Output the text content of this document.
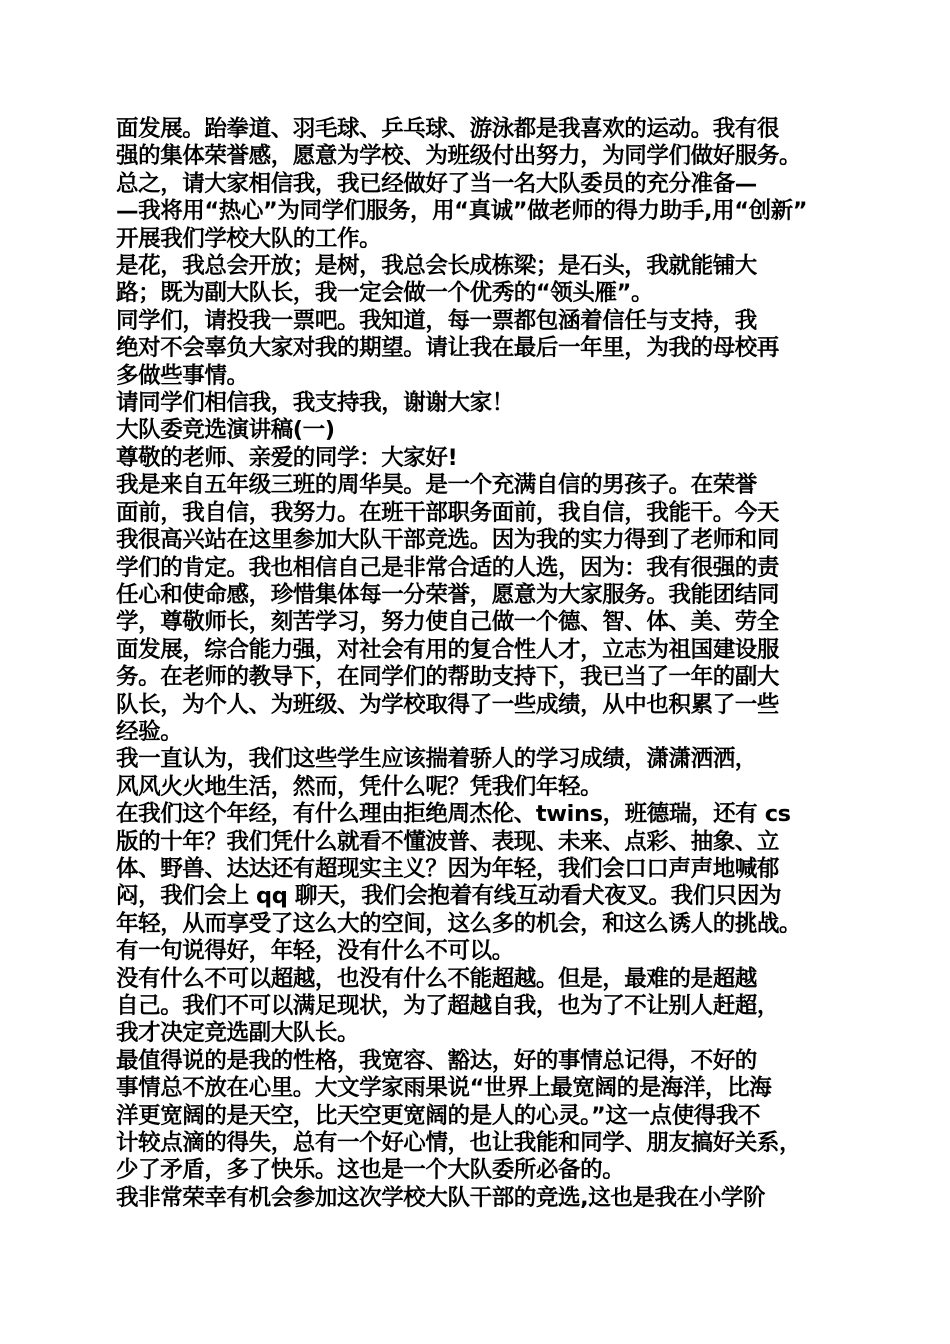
面发展。跆拳道、羽毛球、乒乓球、游泳都是我喜欢的运动。我有很
强的集体荣誉感，愿意为学校、为班级付出努力，为同学们做好服务。
总之，请大家相信我，我已经做好了当一名大队委员的充分准备—
—我将用“热心”为同学们服务，用“真诚”做老师的得力助手,用“创新”
开展我们学校大队的工作。
是花，我总会开放；是树，我总会长成栋梁；是石头，我就能铺大
路；既为副大队长，我一定会做一个优秀的“领头雁”。
同学们，请投我一票吧。我知道，每一票都包涵着信任与支持，我
绝对不会辜负大家对我的期望。请让我在最后一年里，为我的母校再
多做些事情。
请同学们相信我，我支持我，谢谢大家！
大队委竞选演讲稿(一)
尊敬的老师、亲爱的同学：大家好!
我是来自五年级三班的周华昊。是一个充满自信的男孩子。在荣誉
面前，我自信，我努力。在班干部职务面前，我自信，我能干。今天
我很高兴站在这里参加大队干部竞选。因为我的实力得到了老师和同
学们的肯定。我也相信自己是非常合适的人选，因为：我有很强的责
任心和使命感，珍惜集体每一分荣誉，愿意为大家服务。我能团结同
学，尊敬师长，刻苦学习，努力使自己做一个德、智、体、美、劳全
面发展，综合能力强，对社会有用的复合性人才，立志为祖国建设服
务。在老师的教导下，在同学们的帮助支持下，我已当了一年的副大
队长，为个人、为班级、为学校取得了一些成绩，从中也积累了一些
经验。
我一直认为，我们这些学生应该揣着骄人的学习成绩，潇潇洒洒，
风风火火地生活，然而，凭什么呢？凭我们年轻。
在我们这个年经，有什么理由拒绝周杰伦、twins，班德瑞，还有 cs
版的十年？我们凭什么就看不懂波普、表现、未来、点彩、抽象、立
体、野兽、达达还有超现实主义？因为年轻，我们会口口声声地喊郁
闷，我们会上 qq 聊天，我们会抱着有线互动看犬夜叉。我们只因为
年轻，从而享受了这么大的空间，这么多的机会，和这么诱人的挑战。
有一句说得好，年轻，没有什么不可以。
没有什么不可以超越，也没有什么不能超越。但是，最难的是超越
自己。我们不可以满足现状，为了超越自我，也为了不让别人赶超，
我才决定竞选副大队长。
最值得说的是我的性格，我宽容、豁达，好的事情总记得，不好的
事情总不放在心里。大文学家雨果说“世界上最宽阔的是海洋，比海
洋更宽阔的是天空，比天空更宽阔的是人的心灵。”这一点使得我不
计较点滴的得失，总有一个好心情，也让我能和同学、朋友搞好关系，
少了矛盾，多了快乐。这也是一个大队委所必备的。
我非常荣幸有机会参加这次学校大队干部的竞选,这也是我在小学阶
